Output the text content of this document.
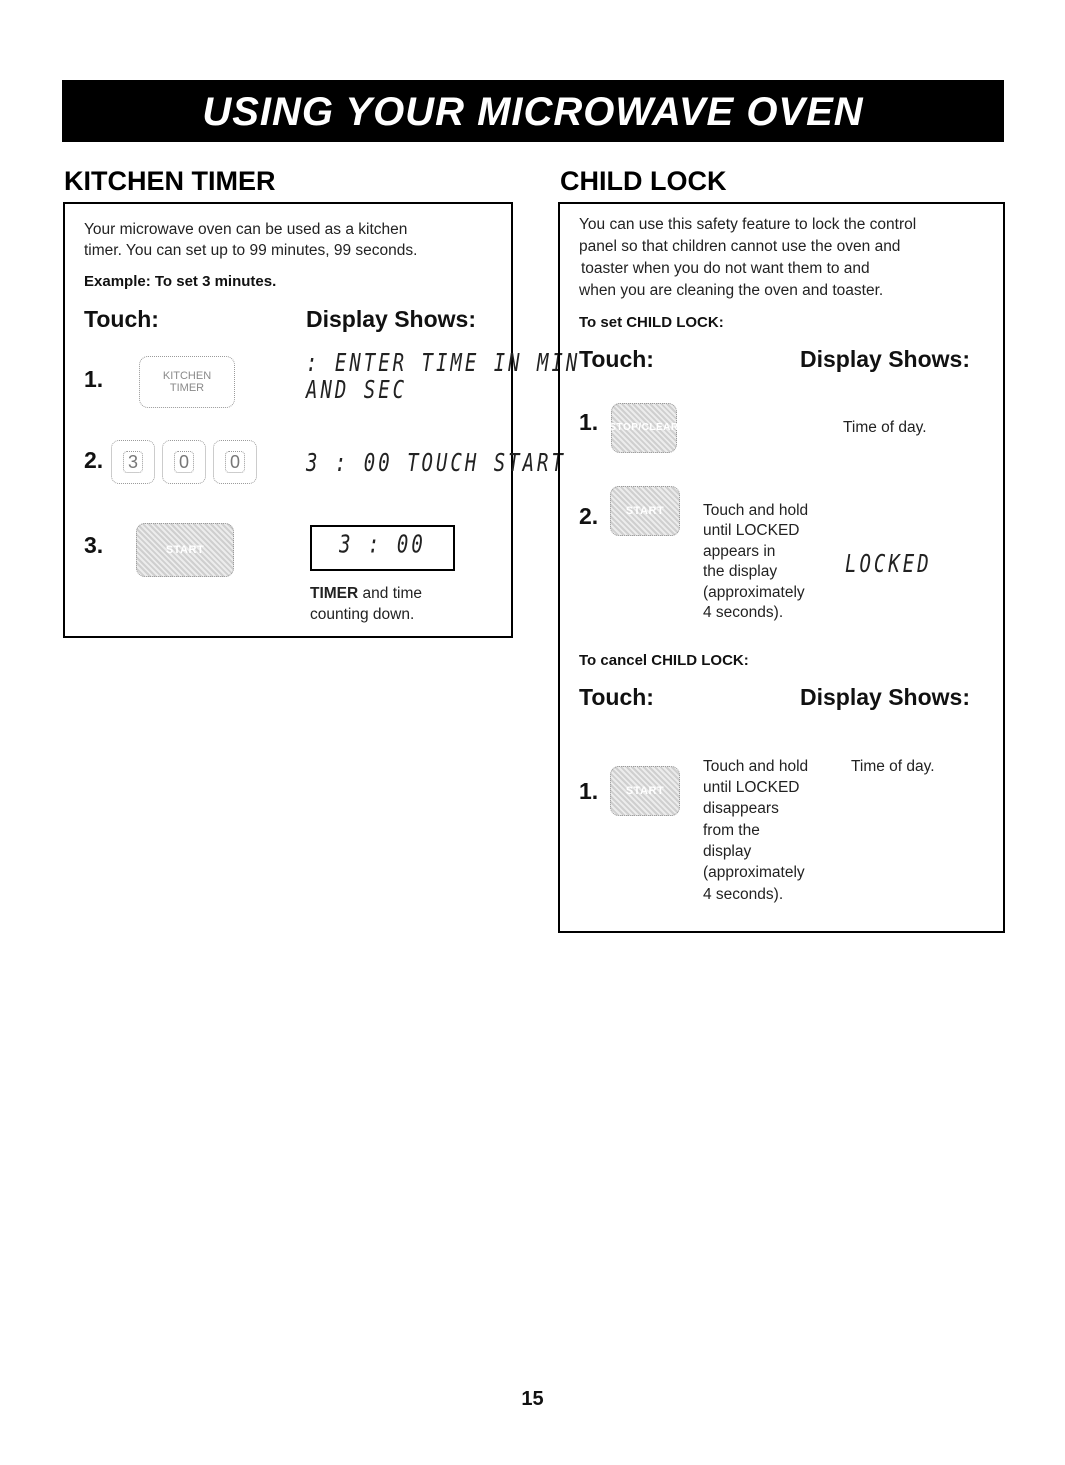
USING YOUR MICROWAVE OVEN
KITCHEN TIMER
Your microwave oven can be used as a kitchen
timer. You can set up to 99 minutes, 99 seconds.
Example: To set 3 minutes.
Touch:	Display Shows:
1.	KITCHEN
TIMER
: ENTER TIME IN MIN
AND SEC
2. 3 0 0	3 : 00 TOUCH START
3.	START	3 : 00
TIMER and time
counting down.
CHILD LOCK
You can use this safety feature to lock the control
panel so that children cannot use the oven and
toaster when you do not want them to and
when you are cleaning the oven and toaster.
To set CHILD LOCK:
Touch:	Display Shows:
1. STOP/CLEAR	Time of day.
2.	START	Touch and hold
until LOCKED
appears in
the display
(approximately
4 seconds).
LOCKED
To cancel CHILD LOCK:
Touch:	Display Shows:
1.	START
Touch and hold
until LOCKED
disappears
from the
display
(approximately
4 seconds).
Time of day.
15
